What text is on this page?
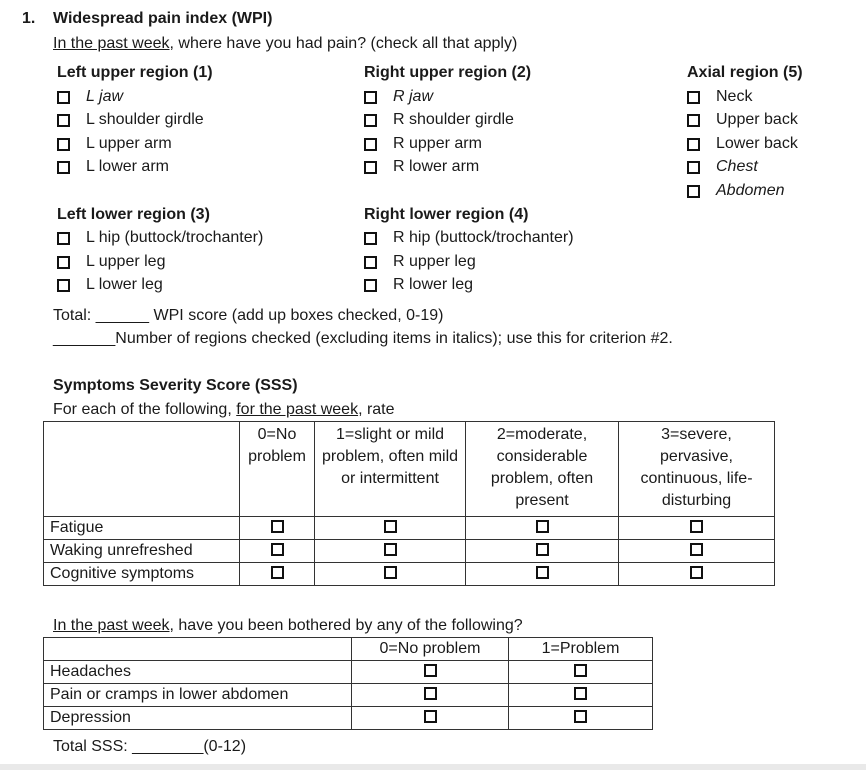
1. Widespread pain index (WPI)
In the past week, where have you had pain? (check all that apply)
Left upper region (1)	Right upper region (2)	Axial region (5)
L jaw
L shoulder girdle
L upper arm
L lower arm
R jaw
R shoulder girdle
R upper arm
R lower arm
Neck
Upper back
Lower back
Chest
Abdomen
Left lower region (3)	Right lower region (4)
L hip (buttock/trochanter)
L upper leg
L lower leg
R hip (buttock/trochanter)
R upper leg
R lower leg
Total: ______ WPI score (add up boxes checked, 0-19)
_______Number of regions checked (excluding items in italics); use this for criterion #2.
Symptoms Severity Score (SSS)
For each of the following, for the past week, rate
	0=No problem	1=slight or mild problem, often mild or intermittent	2=moderate, considerable problem, often present	3=severe, pervasive, continuous, life-disturbing
Fatigue				
Waking unrefreshed				
Cognitive symptoms				
In the past week, have you been bothered by any of the following?
	0=No problem	1=Problem
Headaches		
Pain or cramps in lower abdomen		
Depression		
Total SSS: ________(0-12)
